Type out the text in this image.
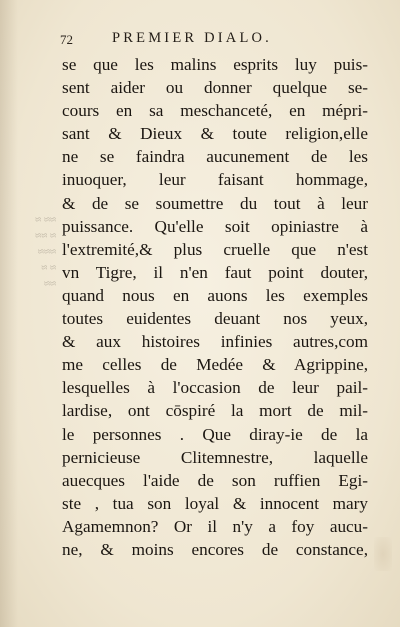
≈≈ ≈
≈ ≈≈
≈≈≈
≈ ≈
≈≈
72	PREMIER DIALO.
se que les malins esprits luy puis-
sent aider ou donner quelque se-
cours en sa meschanceté, en mépri-
sant & Dieux & toute religion,elle
ne se faindra aucunement de les
inuoquer, leur faisant hommage,
& de se soumettre du tout à leur
puissance. Qu'elle soit opiniastre à
l'extremité,& plus cruelle que n'est
vn Tigre, il n'en faut point douter,
quand nous en auons les exemples
toutes euidentes deuant nos yeux,
& aux histoires infinies autres,com
me celles de Medée & Agrippine,
lesquelles à l'occasion de leur pail-
lardise, ont cōspiré la mort de mil-
le personnes . Que diray-ie de la
pernicieuse Clitemnestre, laquelle
auecques l'aide de son ruffien Egi-
ste , tua son loyal & innocent mary
Agamemnon? Or il n'y a foy aucu-
ne, & moins encores de constance,
